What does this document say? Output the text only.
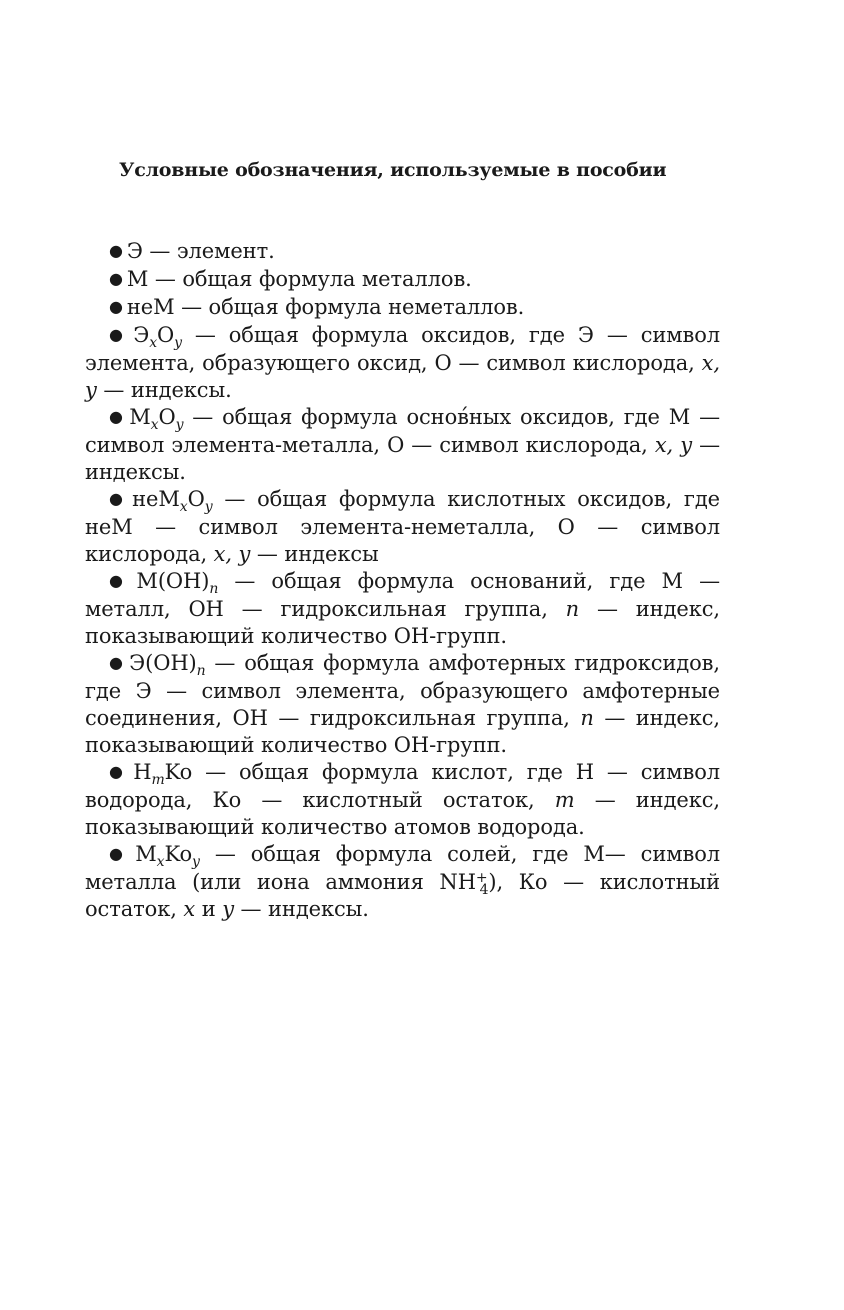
Условные обозначения, используемые в пособии

● Э — элемент.

● М — общая формула металлов.

● неМ — общая формула неметаллов.

● $Э_xO_y$ — общая формула оксидов, где Э — символ элемента, образующего оксид, О — символ кислорода, x, y — индексы.

● $M_xO_y$ — общая формула основ́ных оксидов, где М — символ элемента-металла, О — символ кислорода, x, y — индексы.

● $неM_xO_y$ — общая формула кислотных оксидов, где неМ — символ элемента-неметалла, О — символ кислорода, x, y — индексы

● $M(OH)_n$ — общая формула оснований, где М — металл, ОН — гидроксильная группа, n — индекс, показывающий количество ОН-групп.

● $Э(OH)_n$ — общая формула амфотерных гидроксидов, где Э — символ элемента, образующего амфотерные соединения, ОН — гидроксильная группа, n — индекс, показывающий количество ОН-групп.

● $H_mKo$ — общая формула кислот, где Н — символ водорода, Ко — кислотный остаток, m — индекс, показывающий количество атомов водорода.

● $M_xKo_y$ — общая формула солей, где М— символ металла (или иона аммония $NH^+_4$), Ко — кислотный остаток, x и y — индексы.
